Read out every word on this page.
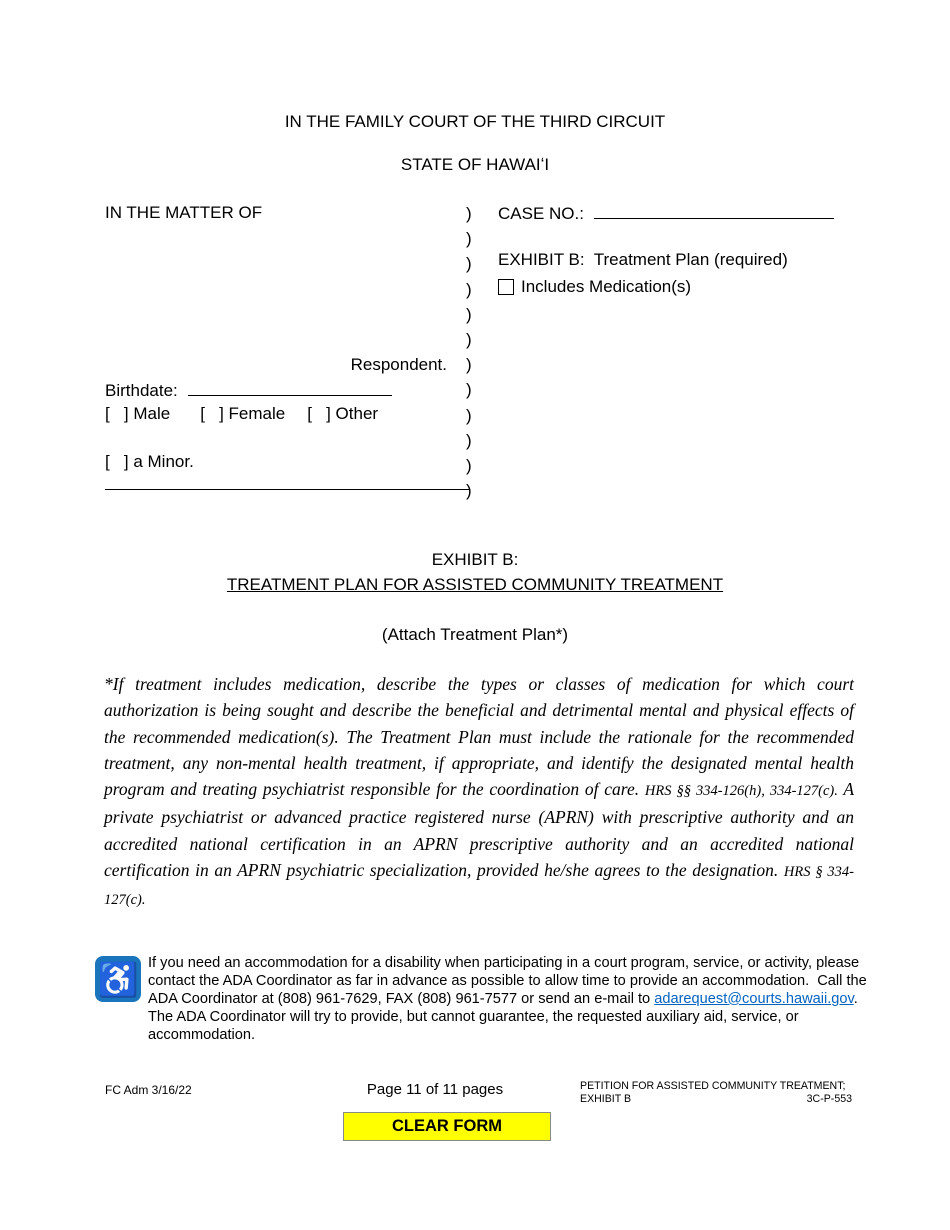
IN THE FAMILY COURT OF THE THIRD CIRCUIT
STATE OF HAWAIʻI
IN THE MATTER OF	)
)
)
)
)
)
)
)
)
)
)
)
CASE NO.:
EXHIBIT B:  Treatment Plan (required)
Includes Medication(s)
Respondent.
Birthdate:
[   ] Male [   ] Female [   ] Other
[   ] a Minor.
EXHIBIT B:
TREATMENT PLAN FOR ASSISTED COMMUNITY TREATMENT
(Attach Treatment Plan*)
*If treatment includes medication, describe the types or classes of medication for which court authorization is being sought and describe the beneficial and detrimental mental and physical effects of the recommended medication(s). The Treatment Plan must include the rationale for the recommended treatment, any non-mental health treatment, if appropriate, and identify the designated mental health program and treating psychiatrist responsible for the coordination of care. HRS §§ 334-126(h), 334-127(c). A private psychiatrist or advanced practice registered nurse (APRN) with prescriptive authority and an accredited national certification in an APRN prescriptive authority and an accredited national certification in an APRN psychiatric specialization, provided he/she agrees to the designation. HRS § 334-127(c).
♿ If you need an accommodation for a disability when participating in a court program, service, or activity, please contact the ADA Coordinator as far in advance as possible to allow time to provide an accommodation.  Call the ADA Coordinator at (808) 961-7629, FAX (808) 961-7577 or send an e-mail to adarequest@courts.hawaii.gov.  The ADA Coordinator will try to provide, but cannot guarantee, the requested auxiliary aid, service, or accommodation.
FC Adm 3/16/22	Page 11 of 11 pages	PETITION FOR ASSISTED COMMUNITY TREATMENT;
EXHIBIT B	3C-P-553
CLEAR FORM
